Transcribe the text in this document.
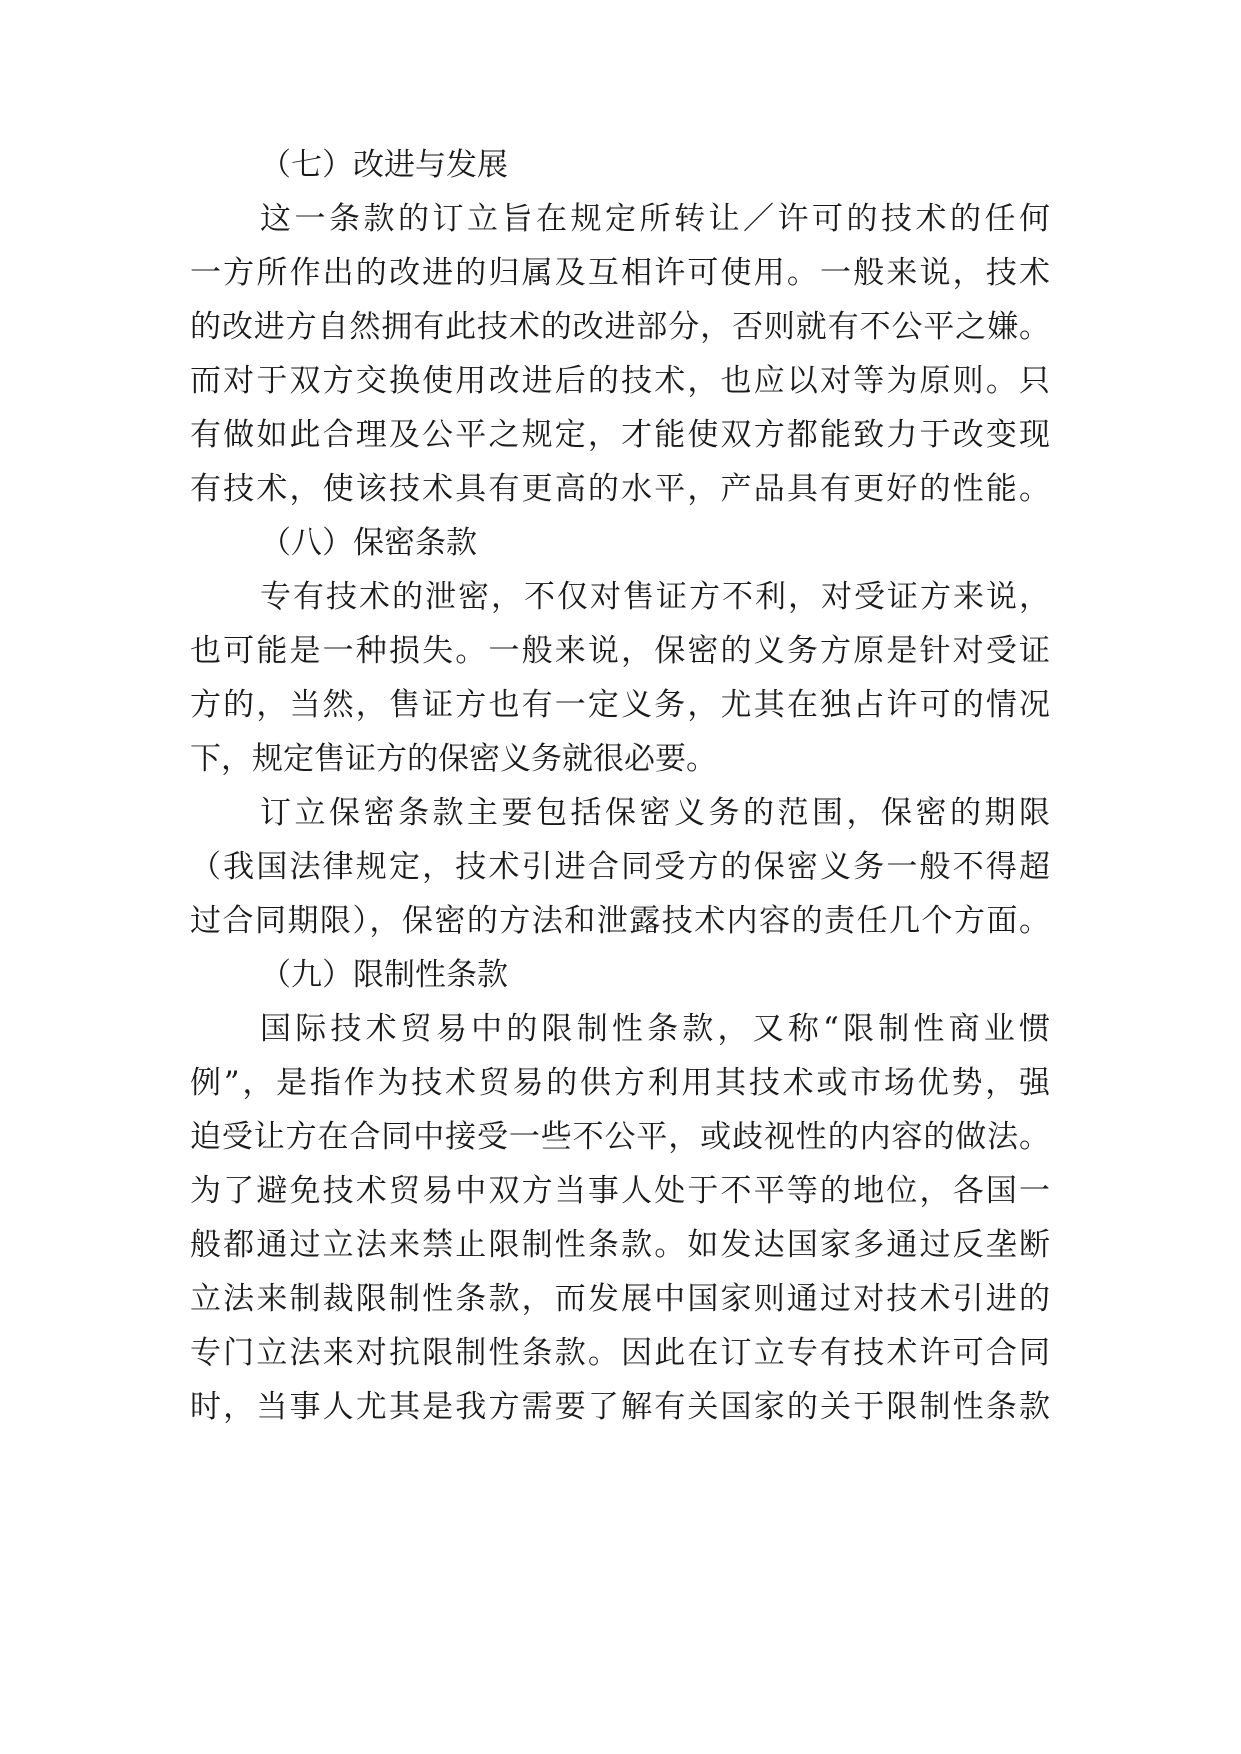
（七）改进与发展
这一条款的订立旨在规定所转让／许可的技术的任何
一方所作出的改进的归属及互相许可使用。一般来说，技术
的改进方自然拥有此技术的改进部分，否则就有不公平之嫌。
而对于双方交换使用改进后的技术，也应以对等为原则。只
有做如此合理及公平之规定，才能使双方都能致力于改变现
有技术，使该技术具有更高的水平，产品具有更好的性能。
（八）保密条款
专有技术的泄密，不仅对售证方不利，对受证方来说，
也可能是一种损失。一般来说，保密的义务方原是针对受证
方的，当然，售证方也有一定义务，尤其在独占许可的情况
下，规定售证方的保密义务就很必要。
订立保密条款主要包括保密义务的范围，保密的期限
（我国法律规定，技术引进合同受方的保密义务一般不得超
过合同期限），保密的方法和泄露技术内容的责任几个方面。
（九）限制性条款
国际技术贸易中的限制性条款，又称“限制性商业惯
例”，是指作为技术贸易的供方利用其技术或市场优势，强
迫受让方在合同中接受一些不公平，或歧视性的内容的做法。
为了避免技术贸易中双方当事人处于不平等的地位，各国一
般都通过立法来禁止限制性条款。如发达国家多通过反垄断
立法来制裁限制性条款，而发展中国家则通过对技术引进的
专门立法来对抗限制性条款。因此在订立专有技术许可合同
时，当事人尤其是我方需要了解有关国家的关于限制性条款
